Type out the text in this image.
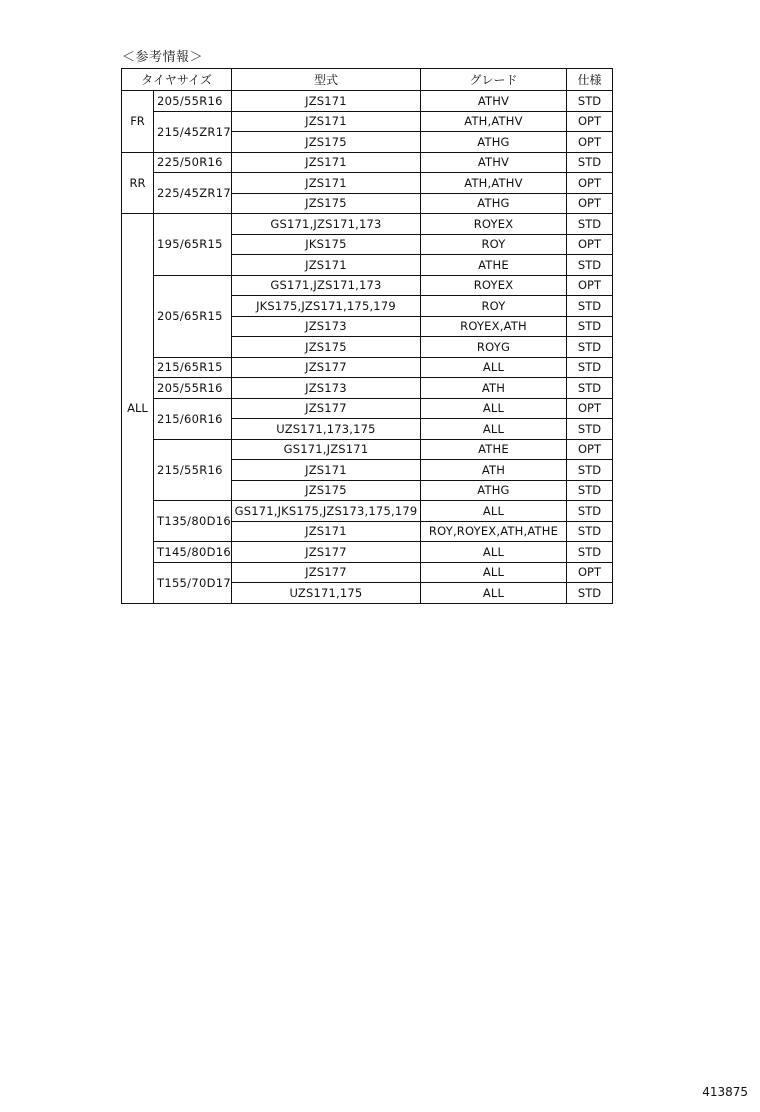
＜参考情報＞
タイヤサイズ		型式	グレード	仕様
FR	205/55R16	JZS171	ATHV	STD
	215/45ZR17	JZS171	ATH,ATHV	OPT
		JZS175	ATHG	OPT
RR	225/50R16	JZS171	ATHV	STD
	225/45ZR17	JZS171	ATH,ATHV	OPT
		JZS175	ATHG	OPT
ALL	195/65R15	GS171,JZS171,173	ROYEX	STD
		JKS175	ROY	OPT
		JZS171	ATHE	STD
	205/65R15	GS171,JZS171,173	ROYEX	OPT
		JKS175,JZS171,175,179	ROY	STD
		JZS173	ROYEX,ATH	STD
		JZS175	ROYG	STD
	215/65R15	JZS177	ALL	STD
	205/55R16	JZS173	ATH	STD
	215/60R16	JZS177	ALL	OPT
		UZS171,173,175	ALL	STD
	215/55R16	GS171,JZS171	ATHE	OPT
		JZS171	ATH	STD
		JZS175	ATHG	STD
	T135/80D16	GS171,JKS175,JZS173,175,179	ALL	STD
		JZS171	ROY,ROYEX,ATH,ATHE	STD
	T145/80D16	JZS177	ALL	STD
	T155/70D17	JZS177	ALL	OPT
		UZS171,175	ALL	STD
413875
